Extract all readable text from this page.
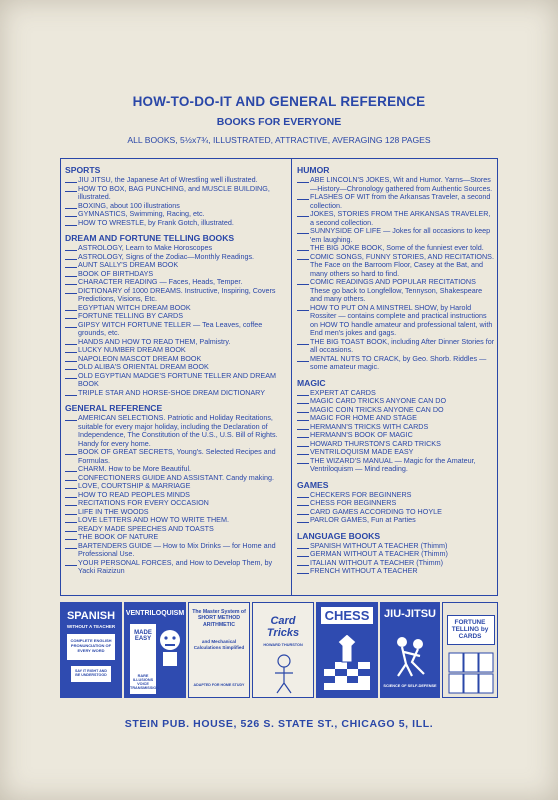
HOW-TO-DO-IT AND GENERAL REFERENCE
BOOKS FOR EVERYONE
ALL BOOKS, 5½x7¾, ILLUSTRATED, ATTRACTIVE, AVERAGING 128 PAGES
SPORTS
JIU JITSU, the Japanese Art of Wrestling well illustrated.
HOW TO BOX, BAG PUNCHING, and MUSCLE BUILDING, illustrated.
BOXING, about 100 illustrations
GYMNASTICS, Swimming, Racing, etc.
HOW TO WRESTLE, by Frank Gotch, illustrated.
DREAM AND FORTUNE TELLING BOOKS
ASTROLOGY, Learn to Make Horoscopes
ASTROLOGY, Signs of the Zodiac—Monthly Readings.
AUNT SALLY'S DREAM BOOK
BOOK OF BIRTHDAYS
CHARACTER READING — Faces, Heads, Temper.
DICTIONARY of 1000 DREAMS. Instructive, Inspiring, Covers Predictions, Visions, Etc.
EGYPTIAN WITCH DREAM BOOK
FORTUNE TELLING BY CARDS
GIPSY WITCH FORTUNE TELLER — Tea Leaves, coffee grounds, etc.
HANDS AND HOW TO READ THEM, Palmistry.
LUCKY NUMBER DREAM BOOK
NAPOLEON MASCOT DREAM BOOK
OLD ALIBA'S ORIENTAL DREAM BOOK
OLD EGYPTIAN MADGE'S FORTUNE TELLER AND DREAM BOOK
TRIPLE STAR AND HORSE-SHOE DREAM DICTIONARY
GENERAL REFERENCE
AMERICAN SELECTIONS. Patriotic and Holiday Recitations, suitable for every major holiday, including the Declaration of Independence, The Constitution of the U.S., U.S. Bill of Rights. Handy for every home.
BOOK OF GREAT SECRETS, Young's. Selected Recipes and Formulas.
CHARM. How to be More Beautiful.
CONFECTIONERS GUIDE AND ASSISTANT. Candy making.
LOVE, COURTSHIP & MARRIAGE
HOW TO READ PEOPLES MINDS
RECITATIONS FOR EVERY OCCASION
LIFE IN THE WOODS
LOVE LETTERS AND HOW TO WRITE THEM.
READY MADE SPEECHES AND TOASTS
THE BOOK OF NATURE
BARTENDERS GUIDE — How to Mix Drinks — for Home and Professional Use.
YOUR PERSONAL FORCES, and How to Develop Them, by Yacki Raizizun
HUMOR
ABE LINCOLN'S JOKES, Wit and Humor. Yarns—Stores—History—Chronology gathered from Authentic Sources.
FLASHES OF WIT from the Arkansas Traveler, a second collection.
JOKES, STORIES FROM THE ARKANSAS TRAVELER, a second collection.
SUNNYSIDE OF LIFE — Jokes for all occasions to keep 'em laughing.
THE BIG JOKE BOOK, Some of the funniest ever told.
COMIC SONGS, FUNNY STORIES, AND RECITATIONS. The Face on the Barroom Floor, Casey at the Bat, and many others so hard to find.
COMIC READINGS AND POPULAR RECITATIONS These go back to Longfellow, Tennyson, Shakespeare and many others.
HOW TO PUT ON A MINSTREL SHOW, by Harold Rossiter — contains complete and practical instructions on HOW TO handle amateur and professional talent, with End men's jokes and gags.
THE BIG TOAST BOOK, including After Dinner Stories for all occasions.
MENTAL NUTS TO CRACK, by Geo. Shorb. Riddles — some amateur magic.
MAGIC
EXPERT AT CARDS
MAGIC CARD TRICKS ANYONE CAN DO
MAGIC COIN TRICKS ANYONE CAN DO
MAGIC FOR HOME AND STAGE
HERMANN'S TRICKS WITH CARDS
HERMANN'S BOOK OF MAGIC
HOWARD THURSTON'S CARD TRICKS
VENTRILOQUISM MADE EASY
THE WIZARD'S MANUAL — Magic for the Amateur, Ventriloquism — Mind reading.
GAMES
CHECKERS FOR BEGINNERS
CHESS FOR BEGINNERS
CARD GAMES ACCORDING TO HOYLE
PARLOR GAMES, Fun at Parties
LANGUAGE BOOKS
SPANISH WITHOUT A TEACHER (Thimm)
GERMAN WITHOUT A TEACHER (Thimm)
ITALIAN WITHOUT A TEACHER (Thimm)
FRENCH WITHOUT A TEACHER
SPANISH
WITHOUT A TEACHER
COMPLETE ENGLISH PRONUNCIATION OF EVERY WORD
SAY IT RIGHT AND BE UNDERSTOOD
VENTRILOQUISM
MADE EASY
RARE ILLUSIONS VOICE TRANSMISSION
The Master System of SHORT METHOD ARITHMETIC
and Mechanical Calculations Simplified
ADAPTED FOR HOME STUDY
Card Tricks
HOWARD THURSTON
CHESS	JIU-JITSU
SCIENCE OF SELF-DEFENSE
FORTUNE TELLING by CARDS
STEIN PUB. HOUSE, 526 S. STATE ST., CHICAGO 5, ILL.
